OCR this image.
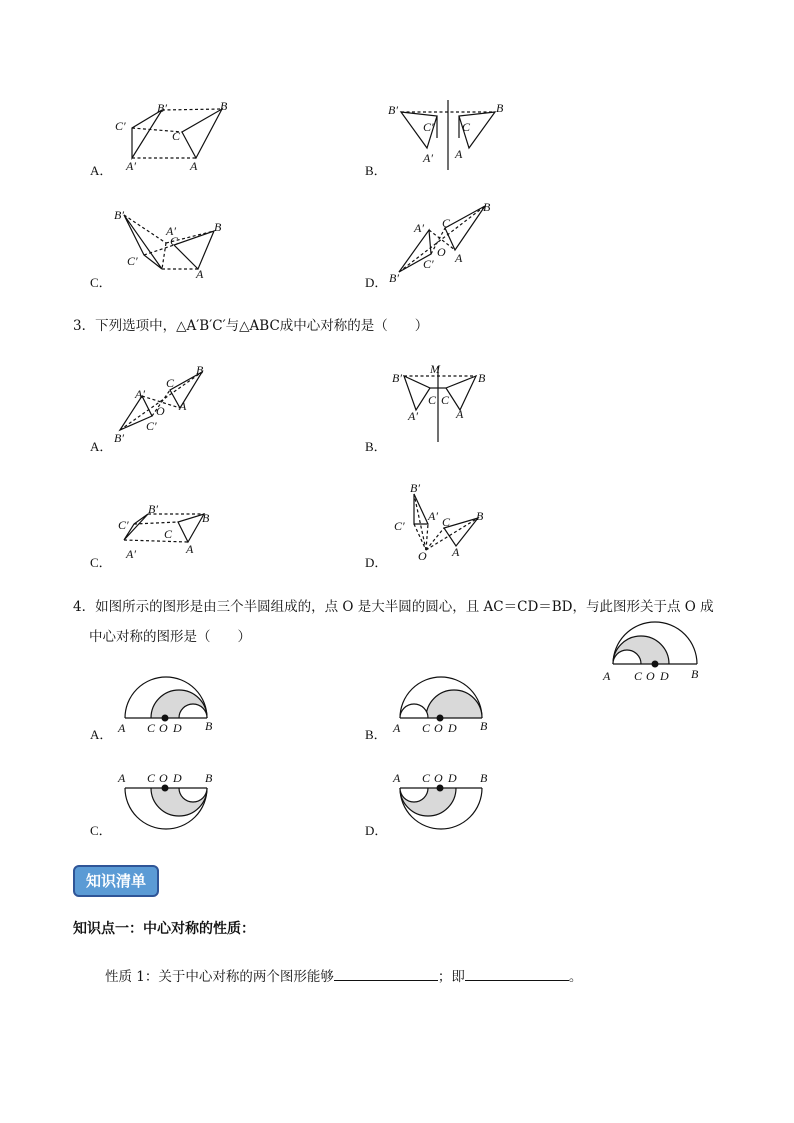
C′
B′	B
C
A′	A
A．
B′
C′ C
B
A′ A
B．
B′
A′
C
B
C′
A
C．
A′ C
B
O
C′ A
B′
D．
3．下列选项中，△A′B′C′与△ABC成中心对称的是（　　）
C
B
A′
O A
C′
B′
A．
M
B′	B
C C
A′	A
B．
C′
B′
B
C
A′	A
C．
B′
A′
C′	C B
O A
D．
4．如图所示的图形是由三个半圆组成的，点 O 是大半圆的圆心，且 AC＝CD＝BD，与此图形关于点 O 成
中心对称的图形是（　　）
A C O D B
A C O D B
A．	A C O D B
B．
A C O D B
C．
A C O D B
D．
知识清单
知识点一：中心对称的性质：
性质 1：关于中心对称的两个图形能够	；即	。
